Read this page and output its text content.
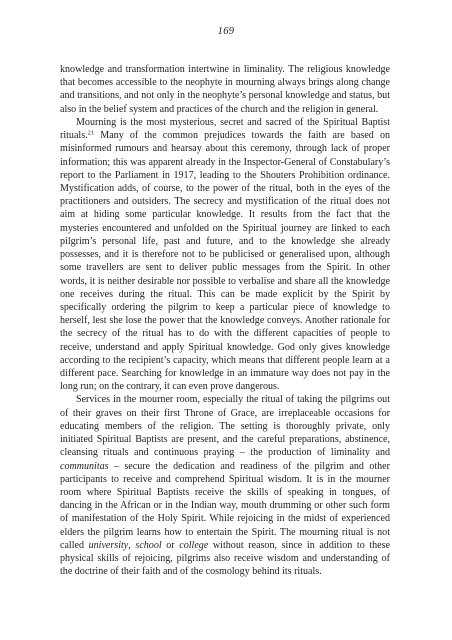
169

knowledge and transformation intertwine in liminality. The religious knowledge that becomes accessible to the neophyte in mourning always brings along change and transitions, and not only in the neophyte’s personal knowledge and status, but also in the belief system and practices of the church and the religion in general.

Mourning is the most mysterious, secret and sacred of the Spiritual Baptist rituals.$^{21}$ Many of the common prejudices towards the faith are based on misinformed rumours and hearsay about this ceremony, through lack of proper information; this was apparent already in the Inspector-General of Constabulary’s report to the Parliament in 1917, leading to the Shouters Prohibition ordinance. Mystification adds, of course, to the power of the ritual, both in the eyes of the practitioners and outsiders. The secrecy and mystification of the ritual does not aim at hiding some particular knowledge. It results from the fact that the mysteries encountered and unfolded on the Spiritual journey are linked to each pilgrim’s personal life, past and future, and to the knowledge she already possesses, and it is therefore not to be publicised or generalised upon, although some travellers are sent to deliver public messages from the Spirit. In other words, it is neither desirable nor possible to verbalise and share all the knowledge one receives during the ritual. This can be made explicit by the Spirit by specifically ordering the pilgrim to keep a particular piece of knowledge to herself, lest she lose the power that the knowledge conveys. Another rationale for the secrecy of the ritual has to do with the different capacities of people to receive, understand and apply Spiritual knowledge. God only gives knowledge according to the recipient’s capacity, which means that different people learn at a different pace. Searching for knowledge in an immature way does not pay in the long run; on the contrary, it can even prove dangerous.

Services in the mourner room, especially the ritual of taking the pilgrims out of their graves on their first Throne of Grace, are irreplaceable occasions for educating members of the religion. The setting is thoroughly private, only initiated Spiritual Baptists are present, and the careful preparations, abstinence, cleansing rituals and continuous praying – the production of liminality and communitas – secure the dedication and readiness of the pilgrim and other participants to receive and comprehend Spiritual wisdom. It is in the mourner room where Spiritual Baptists receive the skills of speaking in tongues, of dancing in the African or in the Indian way, mouth drumming or other such form of manifestation of the Holy Spirit. While rejoicing in the midst of experienced elders the pilgrim learns how to entertain the Spirit. The mourning ritual is not called university, school or college without reason, since in addition to these physical skills of rejoicing, pilgrims also receive wisdom and understanding of the doctrine of their faith and of the cosmology behind its rituals.
